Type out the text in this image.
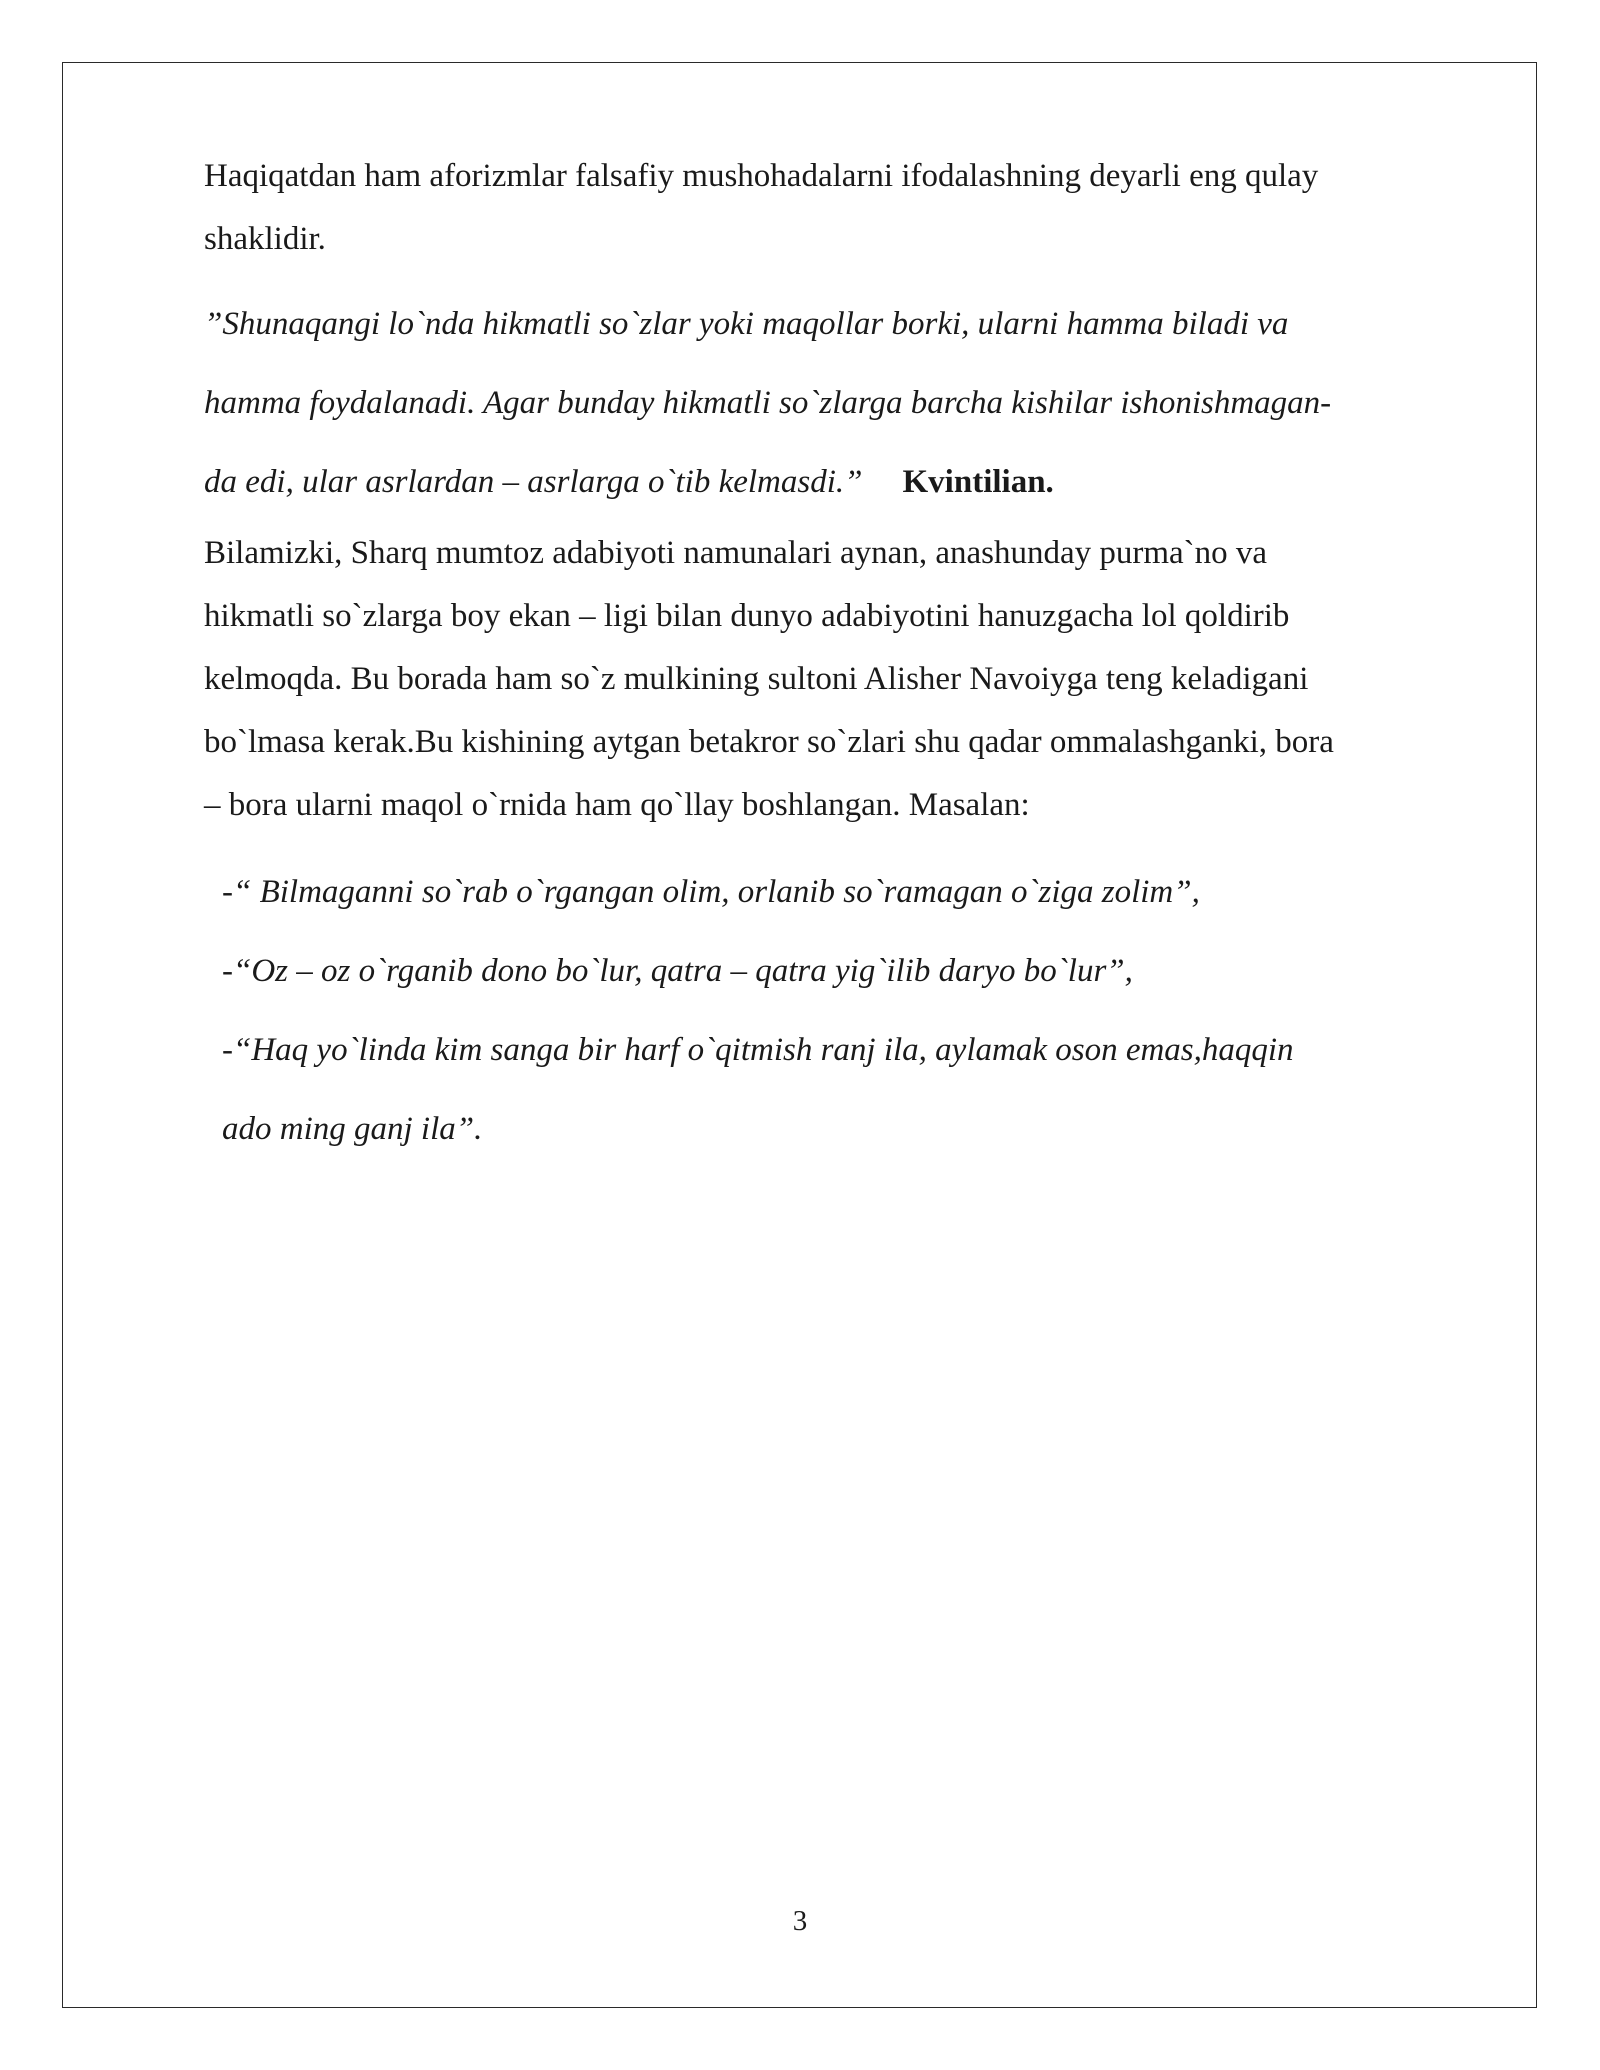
Haqiqatdan ham aforizmlar falsafiy mushohadalarni ifodalashning deyarli eng qulay
shaklidir.

”Shunaqangi lo`nda hikmatli so`zlar yoki maqollar borki, ularni hamma biladi va
hamma foydalanadi. Agar bunday hikmatli so`zlarga barcha kishilar ishonishmagan-
da edi, ular asrlardan – asrlarga o`tib kelmasdi.” Kvintilian.

Bilamizki, Sharq mumtoz adabiyoti namunalari aynan, anashunday purma`no va
hikmatli so`zlarga boy ekan – ligi bilan dunyo adabiyotini hanuzgacha lol qoldirib
kelmoqda. Bu borada ham so`z mulkining sultoni Alisher Navoiyga teng keladigani
bo`lmasa kerak.Bu kishining aytgan betakror so`zlari shu qadar ommalashganki, bora
– bora ularni maqol o`rnida ham qo`llay boshlangan. Masalan:

-“ Bilmaganni so`rab o`rgangan olim, orlanib so`ramagan o`ziga zolim”,
-“Oz – oz o`rganib dono bo`lur, qatra – qatra yig`ilib daryo bo`lur”,
-“Haq yo`linda kim sanga bir harf o`qitmish ranj ila, aylamak oson emas,haqqin
ado ming ganj ila”.
3
